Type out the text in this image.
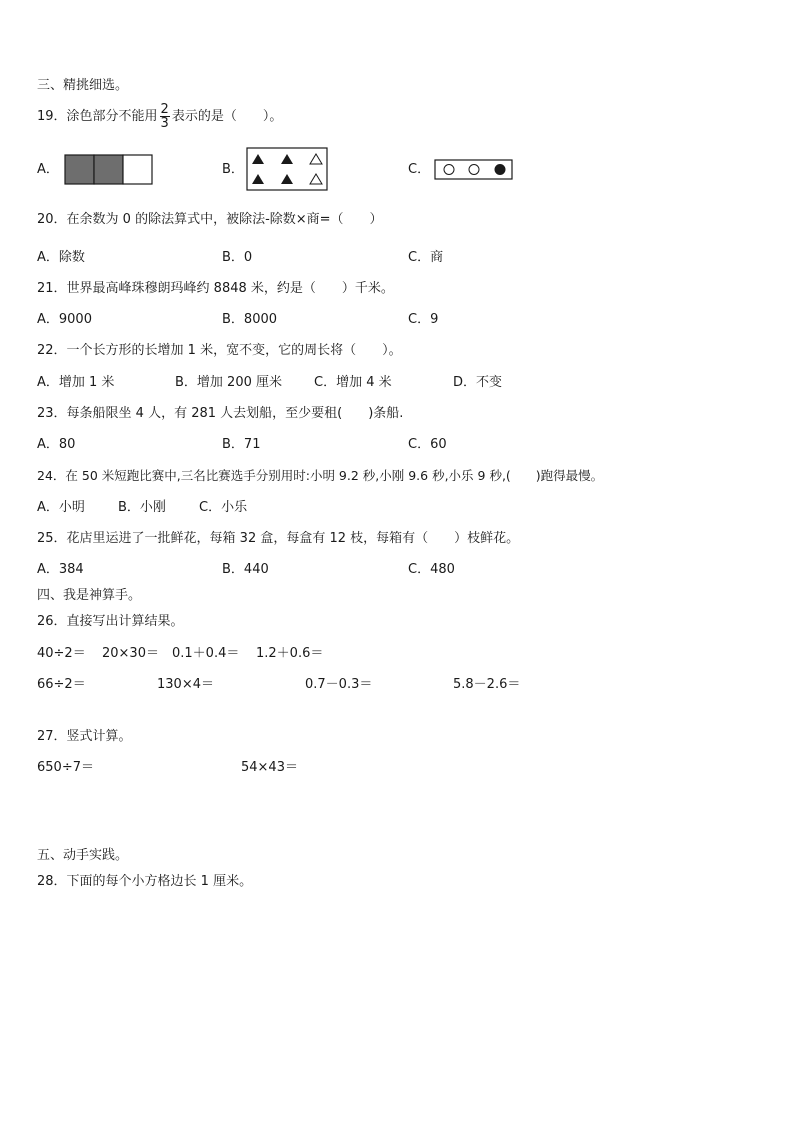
三、精挑细选。
19．涂色部分不能用 $\frac{2}{3}$ 表示的是（　　）。
A．	B．	C．
20．在余数为 0 的除法算式中，被除法-除数×商=（　　）
A．除数	B．0	C．商
21．世界最高峰珠穆朗玛峰约 8848 米，约是（　　）千米。
A．9000	B．8000	C．9
22．一个长方形的长增加 1 米，宽不变，它的周长将（　　）。
A．增加 1 米	B．增加 200 厘米 C．增加 4 米	D．不变
23．每条船限坐 4 人，有 281 人去划船，至少要租(　　)条船.
A．80	B．71	C．60
24．在 50 米短跑比赛中,三名比赛选手分别用时:小明 9.2 秒,小刚 9.6 秒,小乐 9 秒,(　　)跑得最慢。
A．小明	B．小刚	C．小乐
25．花店里运进了一批鲜花，每箱 32 盒，每盒有 12 枝，每箱有（　　）枝鲜花。
A．384	B．440	C．480
四、我是神算手。
26．直接写出计算结果。
40÷2＝ 20×30＝ 0.1＋0.4＝ 1.2＋0.6＝
66÷2＝	130×4＝	0.7－0.3＝	5.8－2.6＝
27．竖式计算。
650÷7＝	54×43＝
五、动手实践。
28．下面的每个小方格边长 1 厘米。
